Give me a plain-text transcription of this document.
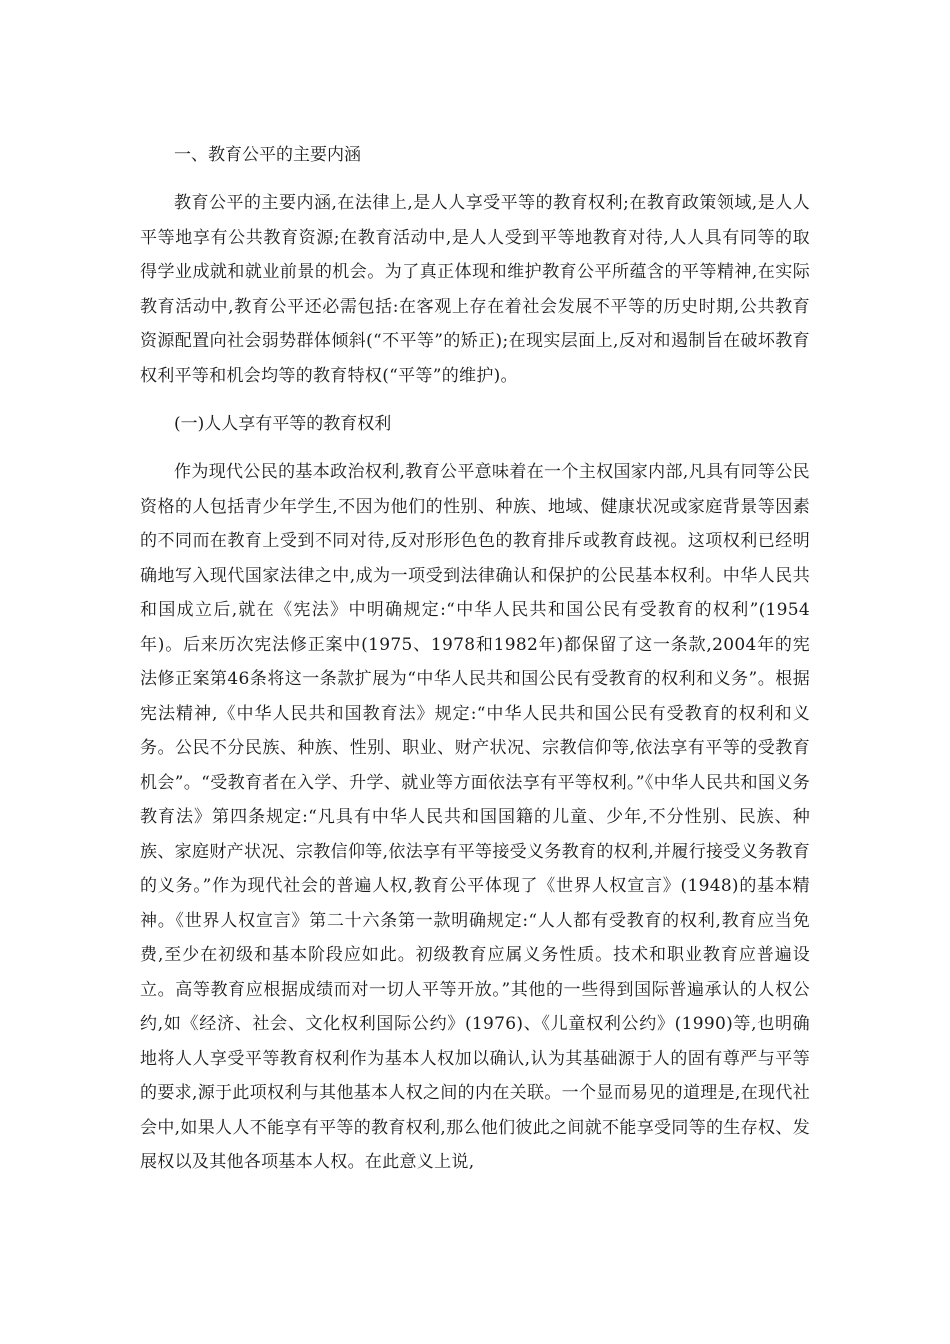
一、教育公平的主要内涵

教育公平的主要内涵,在法律上,是人人享受平等的教育权利;在教育政策领域,是人人平等地享有公共教育资源;在教育活动中,是人人受到平等地教育对待,人人具有同等的取得学业成就和就业前景的机会。为了真正体现和维护教育公平所蕴含的平等精神,在实际教育活动中,教育公平还必需包括:在客观上存在着社会发展不平等的历史时期,公共教育资源配置向社会弱势群体倾斜(“不平等”的矫正);在现实层面上,反对和遏制旨在破坏教育权利平等和机会均等的教育特权(“平等”的维护)。

(一)人人享有平等的教育权利

作为现代公民的基本政治权利,教育公平意味着在一个主权国家内部,凡具有同等公民资格的人包括青少年学生,不因为他们的性别、种族、地域、健康状况或家庭背景等因素的不同而在教育上受到不同对待,反对形形色色的教育排斥或教育歧视。这项权利已经明确地写入现代国家法律之中,成为一项受到法律确认和保护的公民基本权利。中华人民共和国成立后,就在《宪法》中明确规定:“中华人民共和国公民有受教育的权利”(1954年)。后来历次宪法修正案中(1975、1978和1982年)都保留了这一条款,2004年的宪法修正案第46条将这一条款扩展为“中华人民共和国公民有受教育的权利和义务”。根据宪法精神,《中华人民共和国教育法》规定:“中华人民共和国公民有受教育的权利和义务。公民不分民族、种族、性别、职业、财产状况、宗教信仰等,依法享有平等的受教育机会”。“受教育者在入学、升学、就业等方面依法享有平等权利。”《中华人民共和国义务教育法》第四条规定:“凡具有中华人民共和国国籍的儿童、少年,不分性别、民族、种族、家庭财产状况、宗教信仰等,依法享有平等接受义务教育的权利,并履行接受义务教育的义务。”作为现代社会的普遍人权,教育公平体现了《世界人权宣言》(1948)的基本精神。《世界人权宣言》第二十六条第一款明确规定:“人人都有受教育的权利,教育应当免费,至少在初级和基本阶段应如此。初级教育应属义务性质。技术和职业教育应普遍设立。高等教育应根据成绩而对一切人平等开放。”其他的一些得到国际普遍承认的人权公约,如《经济、社会、文化权利国际公约》(1976)、《儿童权利公约》(1990)等,也明确地将人人享受平等教育权利作为基本人权加以确认,认为其基础源于人的固有尊严与平等的要求,源于此项权利与其他基本人权之间的内在关联。一个显而易见的道理是,在现代社会中,如果人人不能享有平等的教育权利,那么他们彼此之间就不能享受同等的生存权、发展权以及其他各项基本人权。在此意义上说,
